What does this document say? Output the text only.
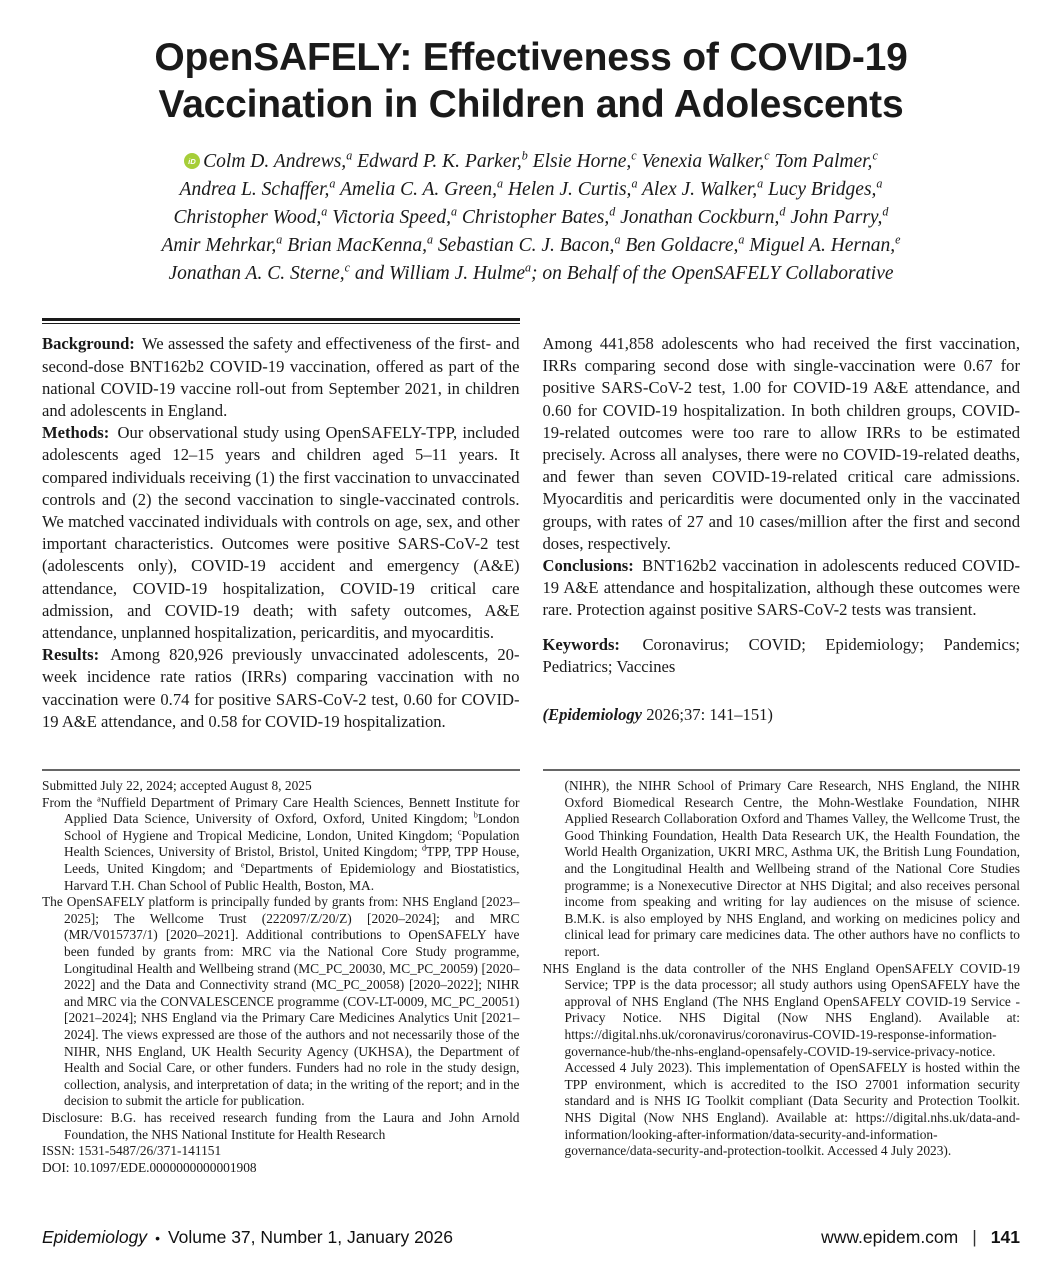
OpenSAFELY: Effectiveness of COVID-19 Vaccination in Children and Adolescents
iD Colm D. Andrews,$^a$ Edward P. K. Parker,$^b$ Elsie Horne,$^c$ Venexia Walker,$^c$ Tom Palmer,$^c$
Andrea L. Schaffer,$^a$ Amelia C. A. Green,$^a$ Helen J. Curtis,$^a$ Alex J. Walker,$^a$ Lucy Bridges,$^a$
Christopher Wood,$^a$ Victoria Speed,$^a$ Christopher Bates,$^d$ Jonathan Cockburn,$^d$ John Parry,$^d$
Amir Mehrkar,$^a$ Brian MacKenna,$^a$ Sebastian C. J. Bacon,$^a$ Ben Goldacre,$^a$ Miguel A. Hernan,$^e$
Jonathan A. C. Sterne,$^c$ and William J. Hulme$^a$; on Behalf of the OpenSAFELY Collaborative

Background: We assessed the safety and effectiveness of the first- and second-dose BNT162b2 COVID-19 vaccination, offered as part of the national COVID-19 vaccine roll-out from September 2021, in children and adolescents in England.

Methods: Our observational study using OpenSAFELY-TPP, included adolescents aged 12–15 years and children aged 5–11 years. It compared individuals receiving (1) the first vaccination to unvaccinated controls and (2) the second vaccination to single-vaccinated controls. We matched vaccinated individuals with controls on age, sex, and other important characteristics. Outcomes were positive SARS-CoV-2 test (adolescents only), COVID-19 accident and emergency (A&E) attendance, COVID-19 hospitalization, COVID-19 critical care admission, and COVID-19 death; with safety outcomes, A&E attendance, unplanned hospitalization, pericarditis, and myocarditis.

Results: Among 820,926 previously unvaccinated adolescents, 20-week incidence rate ratios (IRRs) comparing vaccination with no vaccination were 0.74 for positive SARS-CoV-2 test, 0.60 for COVID-19 A&E attendance, and 0.58 for COVID-19 hospitalization.

Among 441,858 adolescents who had received the first vaccination, IRRs comparing second dose with single-vaccination were 0.67 for positive SARS-CoV-2 test, 1.00 for COVID-19 A&E attendance, and 0.60 for COVID-19 hospitalization. In both children groups, COVID-19-related outcomes were too rare to allow IRRs to be estimated precisely. Across all analyses, there were no COVID-19-related deaths, and fewer than seven COVID-19-related critical care admissions. Myocarditis and pericarditis were documented only in the vaccinated groups, with rates of 27 and 10 cases/million after the first and second doses, respectively.

Conclusions: BNT162b2 vaccination in adolescents reduced COVID-19 A&E attendance and hospitalization, although these outcomes were rare. Protection against positive SARS-CoV-2 tests was transient.

Keywords: Coronavirus; COVID; Epidemiology; Pandemics; Pediatrics; Vaccines

(Epidemiology 2026;37: 141–151)

Submitted July 22, 2024; accepted August 8, 2025

From the $^a$Nuffield Department of Primary Care Health Sciences, Bennett Institute for Applied Data Science, University of Oxford, Oxford, United Kingdom; $^b$London School of Hygiene and Tropical Medicine, London, United Kingdom; $^c$Population Health Sciences, University of Bristol, Bristol, United Kingdom; $^d$TPP, TPP House, Leeds, United Kingdom; and $^e$Departments of Epidemiology and Biostatistics, Harvard T.H. Chan School of Public Health, Boston, MA.

The OpenSAFELY platform is principally funded by grants from: NHS England [2023–2025]; The Wellcome Trust (222097/Z/20/Z) [2020–2024]; and MRC (MR/V015737/1) [2020–2021]. Additional contributions to OpenSAFELY have been funded by grants from: MRC via the National Core Study programme, Longitudinal Health and Wellbeing strand (MC_PC_20030, MC_PC_20059) [2020–2022] and the Data and Connectivity strand (MC_PC_20058) [2020–2022]; NIHR and MRC via the CONVALESCENCE programme (COV-LT-0009, MC_PC_20051) [2021–2024]; NHS England via the Primary Care Medicines Analytics Unit [2021–2024]. The views expressed are those of the authors and not necessarily those of the NIHR, NHS England, UK Health Security Agency (UKHSA), the Department of Health and Social Care, or other funders. Funders had no role in the study design, collection, analysis, and interpretation of data; in the writing of the report; and in the decision to submit the article for publication.

Disclosure: B.G. has received research funding from the Laura and John Arnold Foundation, the NHS National Institute for Health Research

ISSN: 1531-5487/26/371-141151

DOI: 10.1097/EDE.0000000000001908

(NIHR), the NIHR School of Primary Care Research, NHS England, the NIHR Oxford Biomedical Research Centre, the Mohn-Westlake Foundation, NIHR Applied Research Collaboration Oxford and Thames Valley, the Wellcome Trust, the Good Thinking Foundation, Health Data Research UK, the Health Foundation, the World Health Organization, UKRI MRC, Asthma UK, the British Lung Foundation, and the Longitudinal Health and Wellbeing strand of the National Core Studies programme; is a Nonexecutive Director at NHS Digital; and also receives personal income from speaking and writing for lay audiences on the misuse of science. B.M.K. is also employed by NHS England, and working on medicines policy and clinical lead for primary care medicines data. The other authors have no conflicts to report.

NHS England is the data controller of the NHS England OpenSAFELY COVID-19 Service; TPP is the data processor; all study authors using OpenSAFELY have the approval of NHS England (The NHS England OpenSAFELY COVID-19 Service - Privacy Notice. NHS Digital (Now NHS England). Available at: https://digital.nhs.uk/coronavirus/coronavirus-COVID-19-response-information-governance-hub/the-nhs-england-opensafely-COVID-19-service-privacy-notice. Accessed 4 July 2023). This implementation of OpenSAFELY is hosted within the TPP environment, which is accredited to the ISO 27001 information security standard and is NHS IG Toolkit compliant (Data Security and Protection Toolkit. NHS Digital (Now NHS England). Available at: https://digital.nhs.uk/data-and-information/looking-after-information/data-security-and-information-governance/data-security-and-protection-toolkit. Accessed 4 July 2023).

Epidemiology • Volume 37, Number 1, January 2026	www.epidem.com | 141
